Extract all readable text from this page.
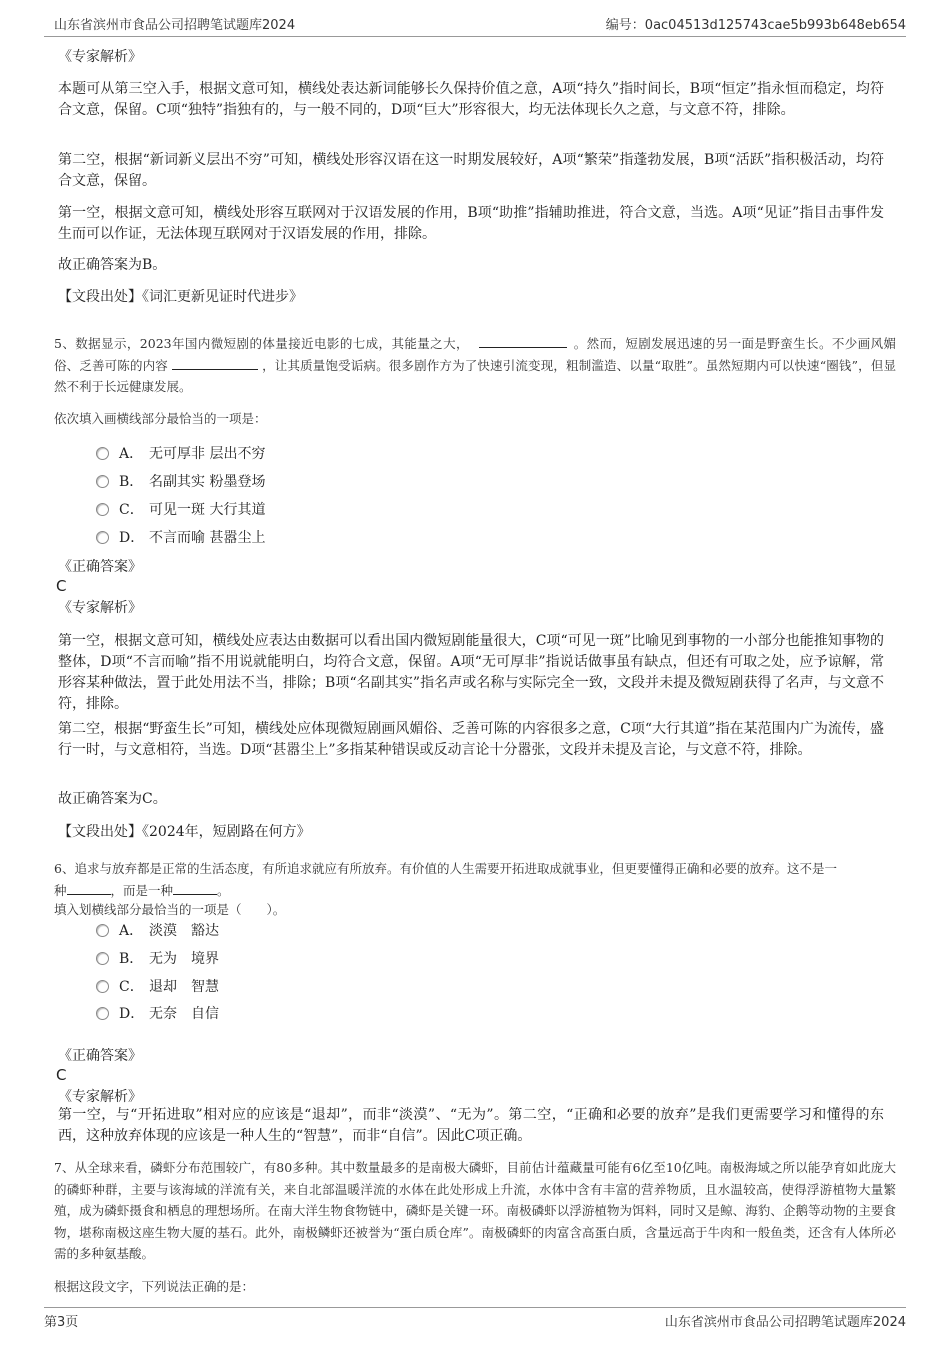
山东省滨州市食品公司招聘笔试题库2024	编号：0ac04513d125743cae5b993b648eb654
《专家解析》
本题可从第三空入手，根据文意可知，横线处表达新词能够长久保持价值之意，A项“持久”指时间长，B项“恒定”指永恒而稳定，均符合文意，保留。C项“独特”指独有的，与一般不同的，D项“巨大”形容很大，均无法体现长久之意，与文意不符，排除。
第二空，根据“新词新义层出不穷”可知，横线处形容汉语在这一时期发展较好，A项“繁荣”指蓬勃发展，B项“活跃”指积极活动，均符合文意，保留。
第一空，根据文意可知，横线处形容互联网对于汉语发展的作用，B项“助推”指辅助推进，符合文意，当选。A项“见证”指目击事件发生而可以作证，无法体现互联网对于汉语发展的作用，排除。
故正确答案为B。
【文段出处】《词汇更新见证时代进步》
5、数据显示，2023年国内微短剧的体量接近电影的七成，其能量之大，	。然而，短剧发展迅速的另一面是野蛮生长。不少画风媚俗、乏善可陈的内容	，让其质量饱受诟病。很多剧作方为了快速引流变现，粗制滥造、以量“取胜”。虽然短期内可以快速“圈钱”，但显然不利于长远健康发展。
依次填入画横线部分最恰当的一项是：
A． 无可厚非 层出不穷
B． 名副其实 粉墨登场
C． 可见一斑 大行其道
D． 不言而喻 甚嚣尘上
《正确答案》
C
《专家解析》
第一空，根据文意可知，横线处应表达由数据可以看出国内微短剧能量很大，C项“可见一斑”比喻见到事物的一小部分也能推知事物的整体，D项“不言而喻”指不用说就能明白，均符合文意，保留。A项“无可厚非”指说话做事虽有缺点，但还有可取之处，应予谅解，常形容某种做法，置于此处用法不当，排除；B项“名副其实”指名声或名称与实际完全一致，文段并未提及微短剧获得了名声，与文意不符，排除。
第二空，根据“野蛮生长”可知，横线处应体现微短剧画风媚俗、乏善可陈的内容很多之意，C项“大行其道”指在某范围内广为流传，盛行一时，与文意相符，当选。D项“甚嚣尘上”多指某种错误或反动言论十分嚣张，文段并未提及言论，与文意不符，排除。
故正确答案为C。
【文段出处】《2024年，短剧路在何方》
6、追求与放弃都是正常的生活态度，有所追求就应有所放弃。有价值的人生需要开拓进取成就事业，但更要懂得正确和必要的放弃。这不是一
种	，而是一种	。
填入划横线部分最恰当的一项是（　　）。
A． 淡漠　豁达
B． 无为　境界
C． 退却　智慧
D． 无奈　自信
《正确答案》
C
《专家解析》
第一空，与“开拓进取”相对应的应该是“退却”，而非“淡漠”、“无为”。第二空，“正确和必要的放弃”是我们更需要学习和懂得的东西，这种放弃体现的应该是一种人生的“智慧”，而非“自信”。因此C项正确。
7、从全球来看，磷虾分布范围较广，有80多种。其中数量最多的是南极大磷虾，目前估计蕴藏量可能有6亿至10亿吨。南极海域之所以能孕育如此庞大的磷虾种群，主要与该海域的洋流有关，来自北部温暖洋流的水体在此处形成上升流，水体中含有丰富的营养物质，且水温较高，使得浮游植物大量繁殖，成为磷虾摄食和栖息的理想场所。在南大洋生物食物链中，磷虾是关键一环。南极磷虾以浮游植物为饵料，同时又是鲸、海豹、企鹅等动物的主要食物，堪称南极这座生物大厦的基石。此外，南极鳞虾还被誉为“蛋白质仓库”。南极磷虾的肉富含高蛋白质，含量远高于牛肉和一般鱼类，还含有人体所必需的多种氨基酸。
根据这段文字，下列说法正确的是：
第3页	山东省滨州市食品公司招聘笔试题库2024
